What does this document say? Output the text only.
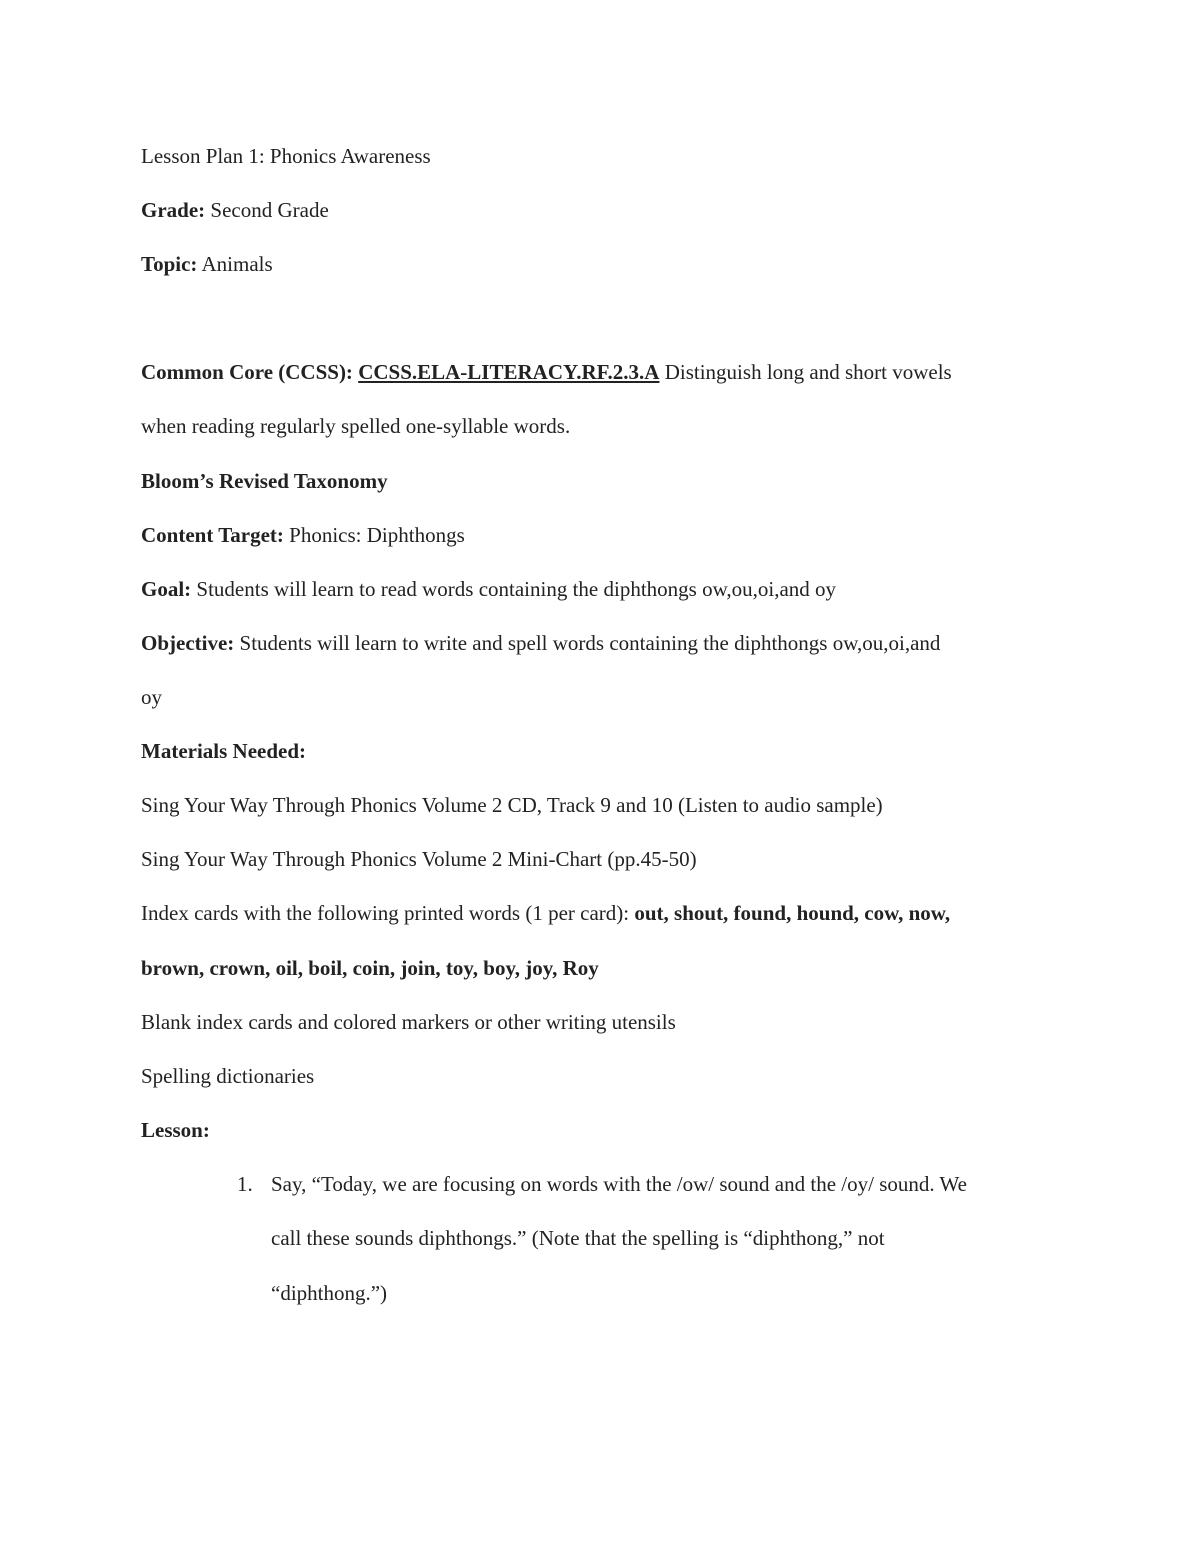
Lesson Plan 1: Phonics Awareness
Grade: Second Grade
Topic: Animals
Common Core (CCSS): CCSS.ELA-LITERACY.RF.2.3.A Distinguish long and short vowels
when reading regularly spelled one-syllable words.
Bloom’s Revised Taxonomy
Content Target: Phonics: Diphthongs
Goal: Students will learn to read words containing the diphthongs ow,ou,oi,and oy
Objective: Students will learn to write and spell words containing the diphthongs ow,ou,oi,and
oy
Materials Needed:
Sing Your Way Through Phonics Volume 2 CD, Track 9 and 10 (Listen to audio sample)
Sing Your Way Through Phonics Volume 2 Mini-Chart (pp.45-50)
Index cards with the following printed words (1 per card): out, shout, found, hound, cow, now,
brown, crown, oil, boil, coin, join, toy, boy, joy, Roy
Blank index cards and colored markers or other writing utensils
Spelling dictionaries
Lesson:
1. Say, “Today, we are focusing on words with the /ow/ sound and the /oy/ sound. We
call these sounds diphthongs.” (Note that the spelling is “diphthong,” not
“diphthong.”)
